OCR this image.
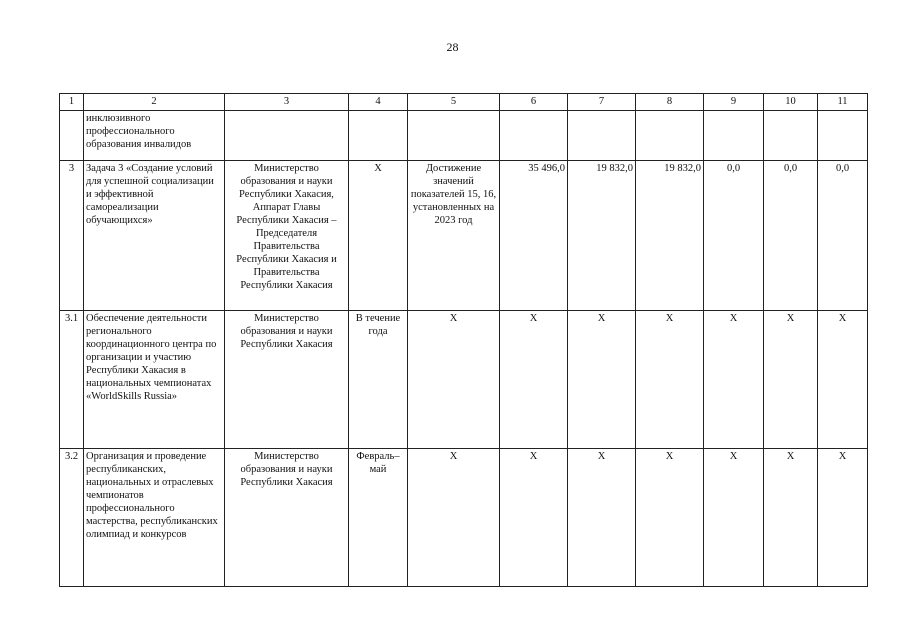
28
1	2	3	4	5	6	7	8	9	10	11
	инклюзивного профессионального образования инвалидов									
3	Задача 3 «Создание условий для успешной социализации и эффективной самореализации обучающихся»	Министерство образования и науки Республики Хакасия, Аппарат Главы Республики Хакасия – Председателя Правительства Республики Хакасия и Правительства Республики Хакасия	Х	Достижение значений показателей 15, 16, установленных на 2023 год	35 496,0	19 832,0	19 832,0	0,0	0,0	0,0
3.1	Обеспечение деятельности регионального координационного центра по организации и участию Республики Хакасия в национальных чемпионатах «WorldSkills Russia»	Министерство образования и науки Республики Хакасия	В течение года	Х	Х	Х	Х	Х	Х	Х
3.2	Организация и проведение республиканских, национальных и отраслевых чемпионатов профессионального мастерства, республиканских олимпиад и конкурсов	Министерство образования и науки Республики Хакасия	Февраль–май	Х	Х	Х	Х	Х	Х	Х
